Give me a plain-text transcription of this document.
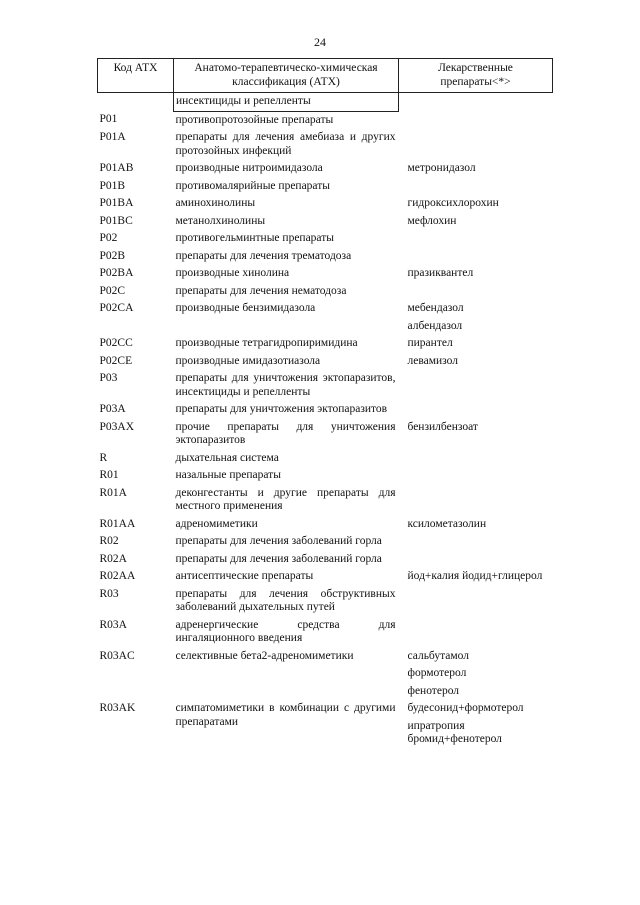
24
Код АТХ	Анатомо-терапевтическо-химическая классификация (АТХ)	Лекарственные препараты<*>
	инсектициды и репелленты	
P01	противопротозойные препараты	
P01A	препараты для лечения амебиаза и других протозойных инфекций	
P01AB	производные нитроимидазола	метронидазол

P01B	противомалярийные препараты	
P01BA	аминохинолины	гидроксихлорохин

P01BC	метанолхинолины	мефлохин

P02	противогельминтные препараты	
P02B	препараты для лечения трематодоза	
P02BA	производные хинолина	празиквантел

P02C	препараты для лечения нематодоза	
P02CA	производные бензимидазола	мебендазол
албендазол

P02CC	производные тетрагидропиримидина	пирантел

P02CE	производные имидазотиазола	левамизол

P03	препараты для уничтожения эктопаразитов, инсектициды и репелленты	
P03A	препараты для уничтожения эктопаразитов	
P03AX	прочие препараты для уничтожения эктопаразитов	бензилбензоат

R	дыхательная система	
R01	назальные препараты	
R01A	деконгестанты и другие препараты для местного применения	
R01AA	адреномиметики	ксилометазолин

R02	препараты для лечения заболеваний горла	
R02A	препараты для лечения заболеваний горла	
R02AA	антисептические препараты	йод+калия йодид+глицерол

R03	препараты для лечения обструктивных заболеваний дыхательных путей	
R03A	адренергические средства для ингаляционного введения	
R03AC	селективные бета2-адреномиметики	сальбутамол
формотерол
фенотерол

R03AK	симпатомиметики в комбинации с другими препаратами	будесонид+формотерол
ипратропия бромид+фенотерол
